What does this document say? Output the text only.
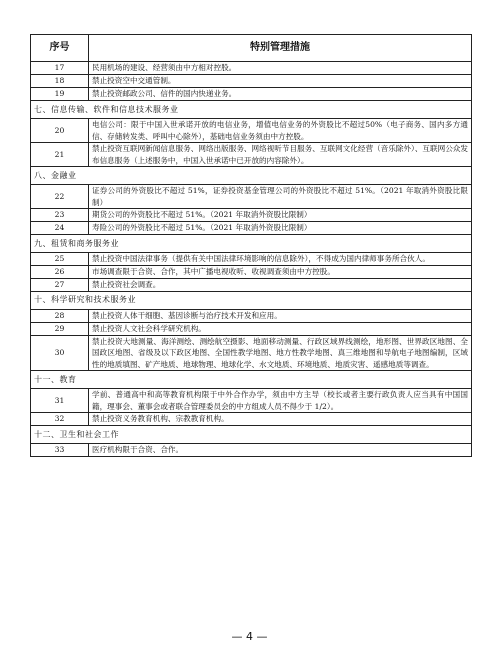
序号	特别管理措施
17	民用机场的建设、经营须由中方相对控股。
18	禁止投资空中交通管制。
19	禁止投资邮政公司、信件的国内快递业务。
七、信息传输、软件和信息技术服务业	
20	电信公司：限于中国入世承诺开放的电信业务，增值电信业务的外资股比不超过50%（电子商务、国内多方通信、存储转发类、呼叫中心除外），基础电信业务须由中方控股。
21	禁止投资互联网新闻信息服务、网络出版服务、网络视听节目服务、互联网文化经营（音乐除外）、互联网公众发布信息服务（上述服务中，中国入世承诺中已开放的内容除外）。
八、金融业	
22	证券公司的外资股比不超过 51%，证券投资基金管理公司的外资股比不超过 51%。（2021 年取消外资股比限制）
23	期货公司的外资股比不超过 51%。（2021 年取消外资股比限制）
24	寿险公司的外资股比不超过 51%。（2021 年取消外资股比限制）
九、租赁和商务服务业	
25	禁止投资中国法律事务（提供有关中国法律环境影响的信息除外），不得成为国内律师事务所合伙人。
26	市场调查限于合资、合作，其中广播电视收听、收视调查须由中方控股。
27	禁止投资社会调查。
十、科学研究和技术服务业	
28	禁止投资人体干细胞、基因诊断与治疗技术开发和应用。
29	禁止投资人文社会科学研究机构。
30	禁止投资大地测量、海洋测绘、测绘航空摄影、地面移动测量、行政区域界线测绘，地形图、世界政区地图、全国政区地图、省级及以下政区地图、全国性教学地图、地方性教学地图、真三维地图和导航电子地图编制，区域性的地质填图、矿产地质、地球物理、地球化学、水文地质、环境地质、地质灾害、遥感地质等调查。
十一、教育	
31	学前、普通高中和高等教育机构限于中外合作办学，须由中方主导（校长或者主要行政负责人应当具有中国国籍，理事会、董事会或者联合管理委员会的中方组成人员不得少于 1/2）。
32	禁止投资义务教育机构、宗教教育机构。
十二、卫生和社会工作	
33	医疗机构限于合资、合作。
— 4 —
